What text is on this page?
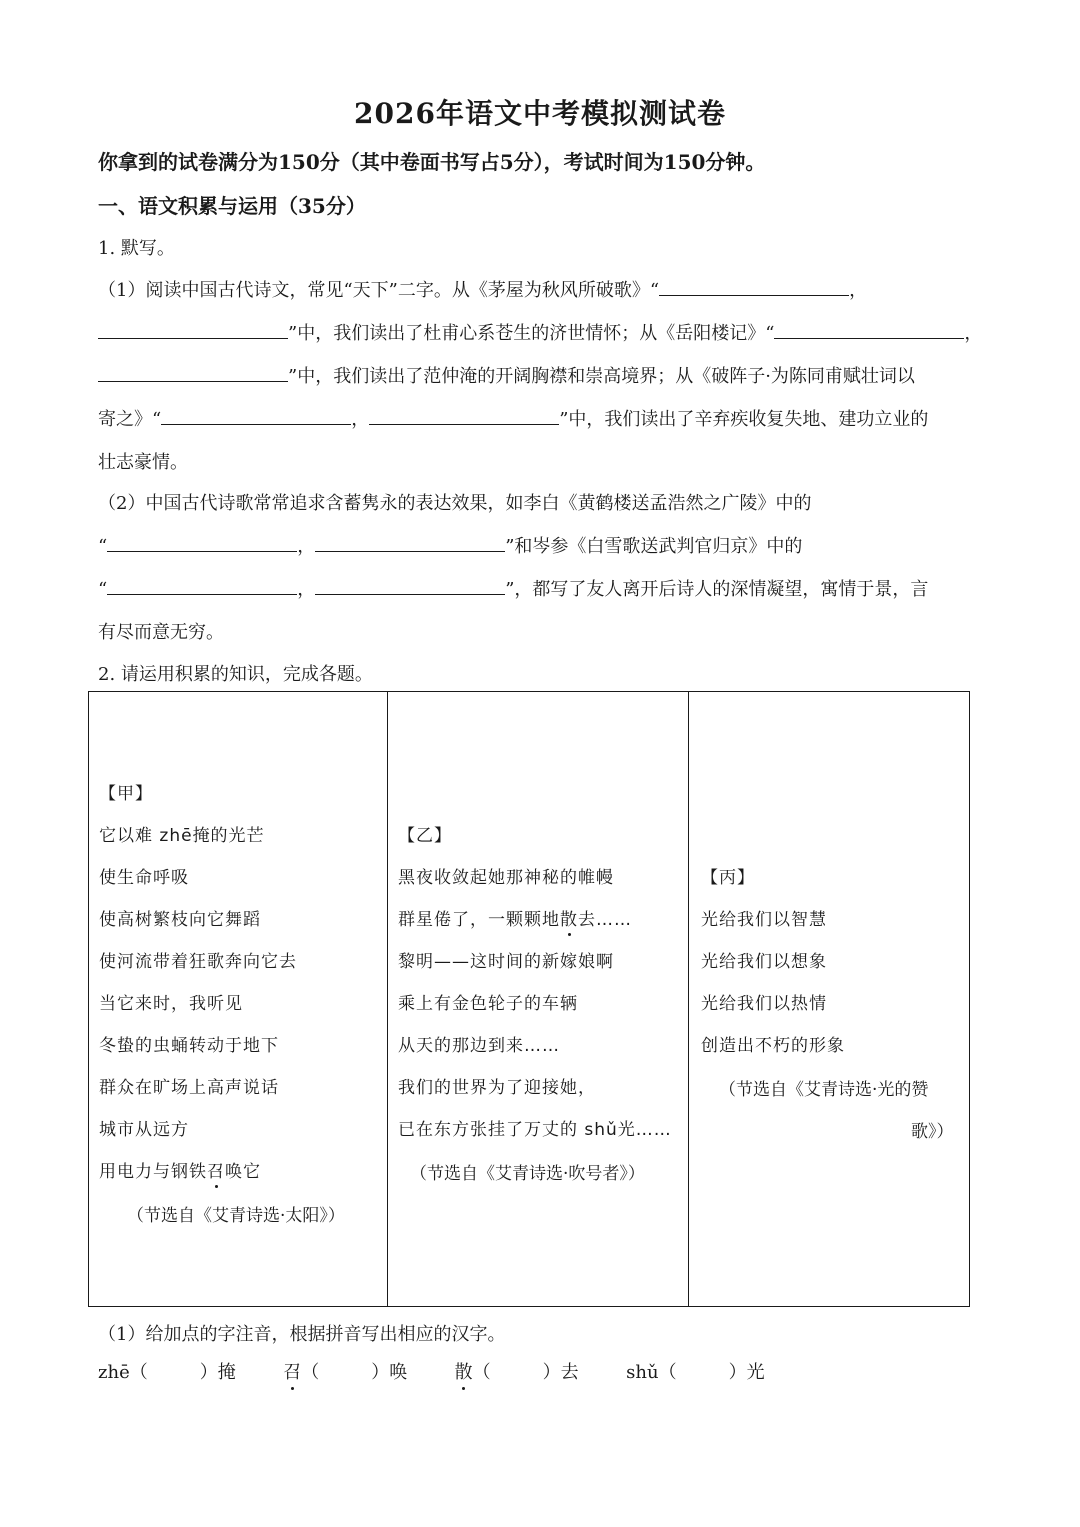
2026年语文中考模拟测试卷
你拿到的试卷满分为150分（其中卷面书写占5分），考试时间为150分钟。
一、语文积累与运用（35分）
1. 默写。
（1）阅读中国古代诗文，常见“天下”二字。从《茅屋为秋风所破歌》“	，
”中，我们读出了杜甫心系苍生的济世情怀；从《岳阳楼记》“	，
”中，我们读出了范仲淹的开阔胸襟和崇高境界；从《破阵子·为陈同甫赋壮词以
寄之》“	，	”中，我们读出了辛弃疾收复失地、建功立业的
壮志豪情。
（2）中国古代诗歌常常追求含蓄隽永的表达效果，如李白《黄鹤楼送孟浩然之广陵》中的
“	，	”和岑参《白雪歌送武判官归京》中的
“	，	”，都写了友人离开后诗人的深情凝望，寓情于景，言
有尽而意无穷。
2. 请运用积累的知识，完成各题。
【甲】
它以难 zhē掩的光芒
使生命呼吸
使高树繁枝向它舞蹈
使河流带着狂歌奔向它去
当它来时，我听见
冬蛰的虫蛹转动于地下
群众在旷场上高声说话
城市从远方
用电力与钢铁召唤它
（节选自《艾青诗选·太阳》）
【乙】
黑夜收敛起她那神秘的帷幔
群星倦了，一颗颗地散去……
黎明——这时间的新嫁娘啊
乘上有金色轮子的车辆
从天的那边到来……
我们的世界为了迎接她，
已在东方张挂了万丈的 shǔ光……
（节选自《艾青诗选·吹号者》）
【丙】
光给我们以智慧
光给我们以想象
光给我们以热情
创造出不朽的形象
（节选自《艾青诗选·光的赞
歌》）
（1）给加点的字注音，根据拼音写出相应的汉字。
zhē（	）掩	召（	）唤	散（	）去	shǔ（	）光
